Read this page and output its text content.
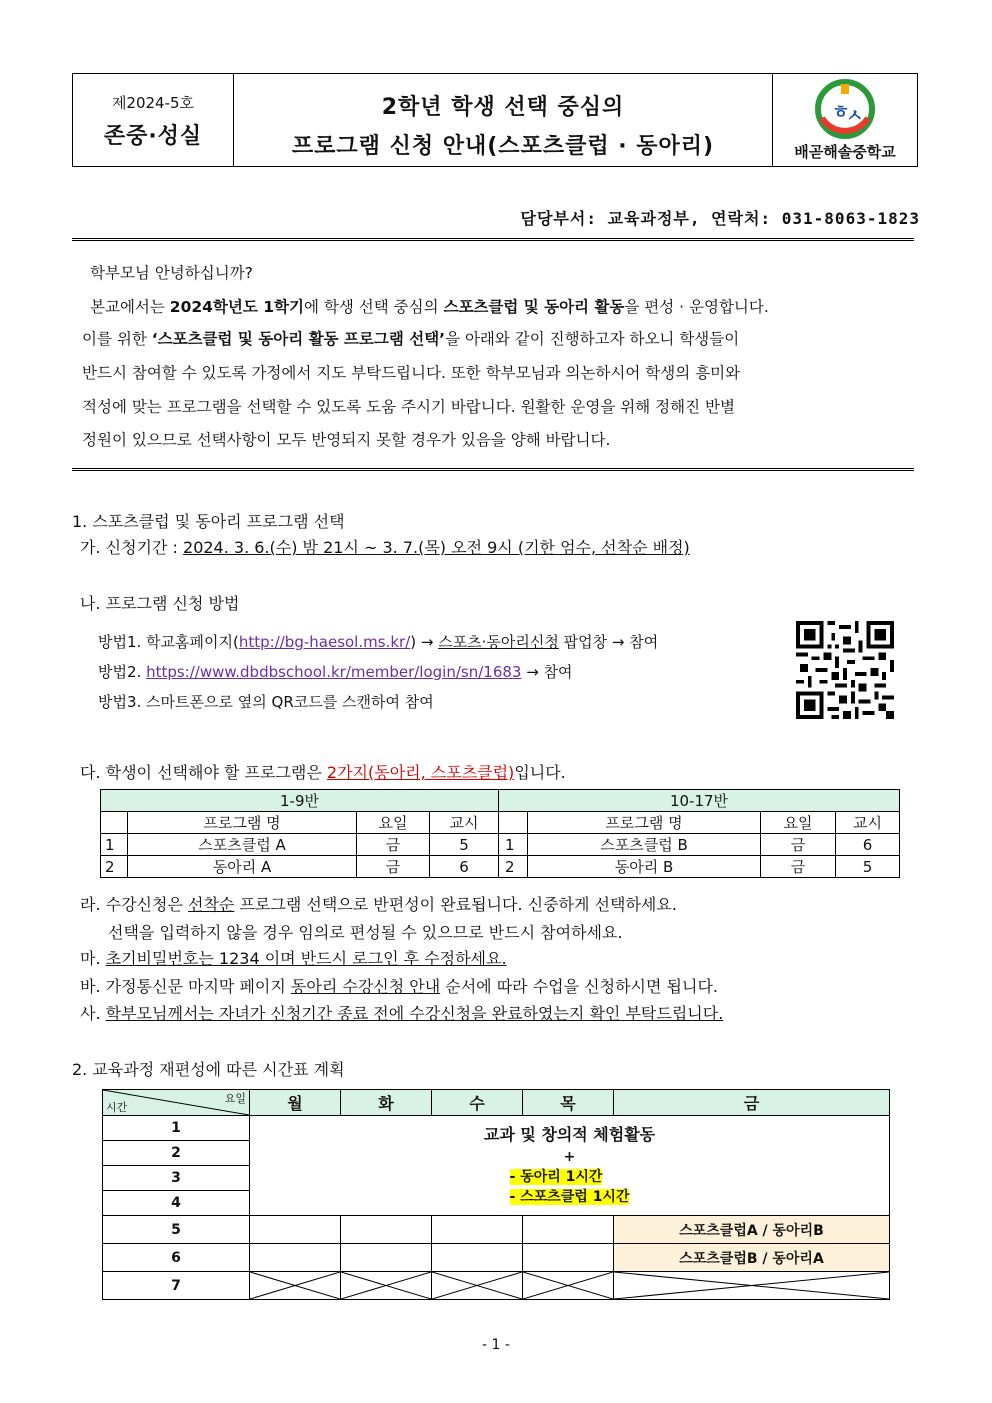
제2024-5호
존중·성실
2학년 학생 선택 중심의
프로그램 신청 안내(스포츠클럽 · 동아리)
ㅎ
ㅅ
배곧해솔중학교
담당부서: 교육과정부, 연락처: 031-8063-1823
학부모님 안녕하십니까?
본교에서는 2024학년도 1학기에 학생 선택 중심의 스포츠클럽 및 동아리 활동을 편성 · 운영합니다.
이를 위한 ‘스포츠클럽 및 동아리 활동 프로그램 선택’을 아래와 같이 진행하고자 하오니 학생들이
반드시 참여할 수 있도록 가정에서 지도 부탁드립니다. 또한 학부모님과 의논하시어 학생의 흥미와
적성에 맞는 프로그램을 선택할 수 있도록 도움 주시기 바랍니다. 원활한 운영을 위해 정해진 반별
정원이 있으므로 선택사항이 모두 반영되지 못할 경우가 있음을 양해 바랍니다.
1. 스포츠클럽 및 동아리 프로그램 선택
가. 신청기간 : 2024. 3. 6.(수) 밤 21시 ~ 3. 7.(목) 오전 9시 (기한 엄수, 선착순 배정)
나. 프로그램 신청 방법
방법1. 학교홈페이지(http://bg-haesol.ms.kr/) → 스포츠·동아리신청 팝업창 → 참여
방법2. https://www.dbdbschool.kr/member/login/sn/1683 → 참여
방법3. 스마트폰으로 옆의 QR코드를 스캔하여 참여
다. 학생이 선택해야 할 프로그램은 2가지(동아리, 스포츠클럽)입니다.
1-9반				10-17반			
	프로그램 명	요일	교시		프로그램 명	요일	교시
1	스포츠클럽 A	금	5	1	스포츠클럽 B	금	6
2	동아리 A	금	6	2	동아리 B	금	5
라. 수강신청은 선착순 프로그램 선택으로 반편성이 완료됩니다. 신중하게 선택하세요.
선택을 입력하지 않을 경우 임의로 편성될 수 있으므로 반드시 참여하세요.
마. 초기비밀번호는 1234 이며 반드시 로그인 후 수정하세요.
바. 가정통신문 마지막 페이지 동아리 수강신청 안내 순서에 따라 수업을 신청하시면 됩니다.
사. 학부모님께서는 자녀가 신청기간 종료 전에 수강신청을 완료하였는지 확인 부탁드립니다.
2. 교육과정 재편성에 따른 시간표 계획
요일
시간	월	화	수	목	금
1	교과 및 창의적 체험활동
+
- 동아리 1시간
- 스포츠클럽 1시간				

2					
3					
4					
5					스포츠클럽A / 동아리B
6					스포츠클럽B / 동아리A
7	

- 1 -
